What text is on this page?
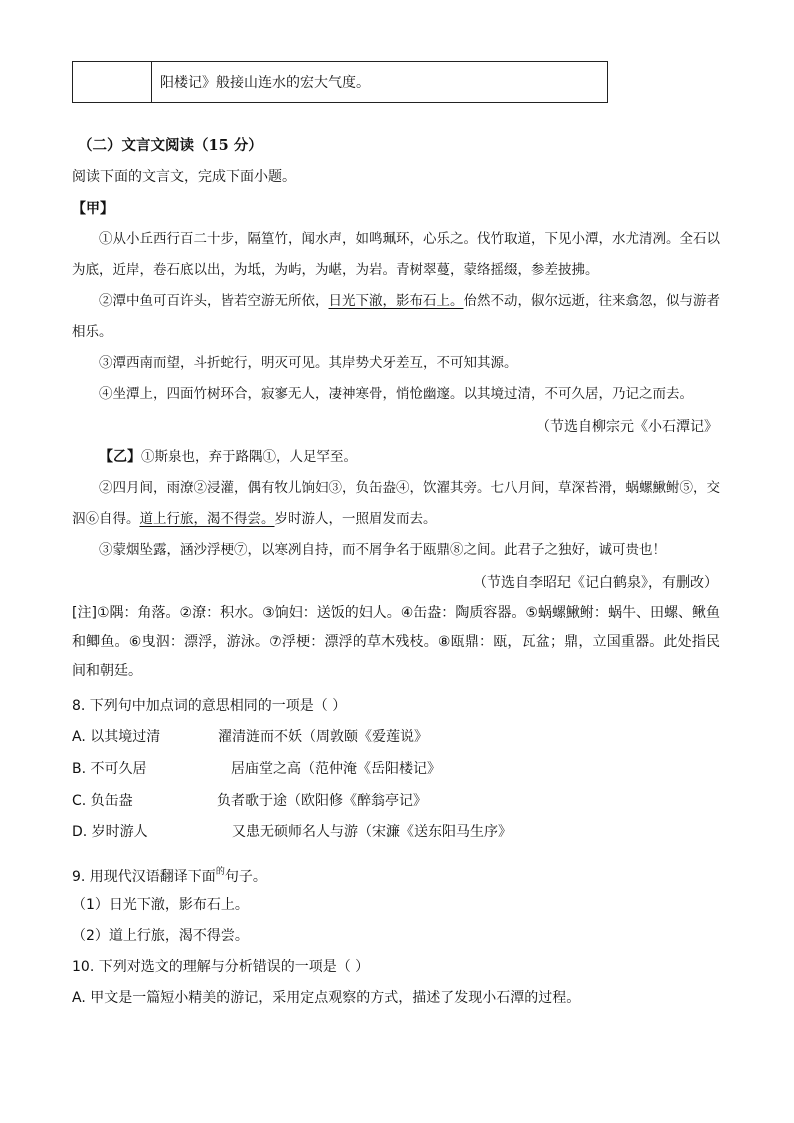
	阳楼记》般接山连水的宏大气度。
（二）文言文阅读（15 分）
阅读下面的文言文，完成下面小题。
【甲】
①从小丘西行百二十步，隔篁竹，闻水声，如鸣珮环，心乐之。伐竹取道，下见小潭，水尤清冽。全石以为底，近岸，卷石底以出，为坻，为屿，为嵁，为岩。青树翠蔓，蒙络摇缀，参差披拂。
②潭中鱼可百许头，皆若空游无所依，日光下澈，影布石上。佁然不动，俶尔远逝，往来翕忽，似与游者相乐。
③潭西南而望，斗折蛇行，明灭可见。其岸势犬牙差互，不可知其源。
④坐潭上，四面竹树环合，寂寥无人，凄神寒骨，悄怆幽邃。以其境过清，不可久居，乃记之而去。
（节选自柳宗元《小石潭记》
【乙】①斯泉也，弃于路隅①，人足罕至。
②四月间，雨潦②浸灌，偶有牧儿饷妇③，负缶盎④，饮濯其旁。七八月间，草深苔滑，蜗螺鰍鲋⑤，交泅⑥自得。道上行旅，渴不得尝。岁时游人，一照眉发而去。
③蒙烟坠露，涵沙浮梗⑦，以寒冽自持，而不屑争名于瓯鼎⑧之间。此君子之独好，诚可贵也！
（节选自李昭玘《记白鹤泉》，有删改）
[注]①隅：角落。②潦：积水。③饷妇：送饭的妇人。④缶盎：陶质容器。⑤蜗螺鰍鲋：蜗牛、田螺、鳅鱼和鲫鱼。⑥曳泅：漂浮，游泳。⑦浮梗：漂浮的草木残枝。⑧瓯鼎：瓯，瓦盆；鼎，立国重器。此处指民间和朝廷。
8. 下列句中加点词的意思相同的一项是（ ）
A. 以其境过清	濯清涟而不妖（周敦颐《爱莲说》
B. 不可久居	居庙堂之高（范仲淹《岳阳楼记》
C. 负缶盎	负者歌于途（欧阳修《醉翁亭记》
D. 岁时游人	又患无硕师名人与游（宋濂《送东阳马生序》
9. 用现代汉语翻译下面$^的$句子。
（1）日光下澈，影布石上。
（2）道上行旅，渴不得尝。
10. 下列对选文的理解与分析错误的一项是（ ）
A. 甲文是一篇短小精美的游记，采用定点观察的方式，描述了发现小石潭的过程。
